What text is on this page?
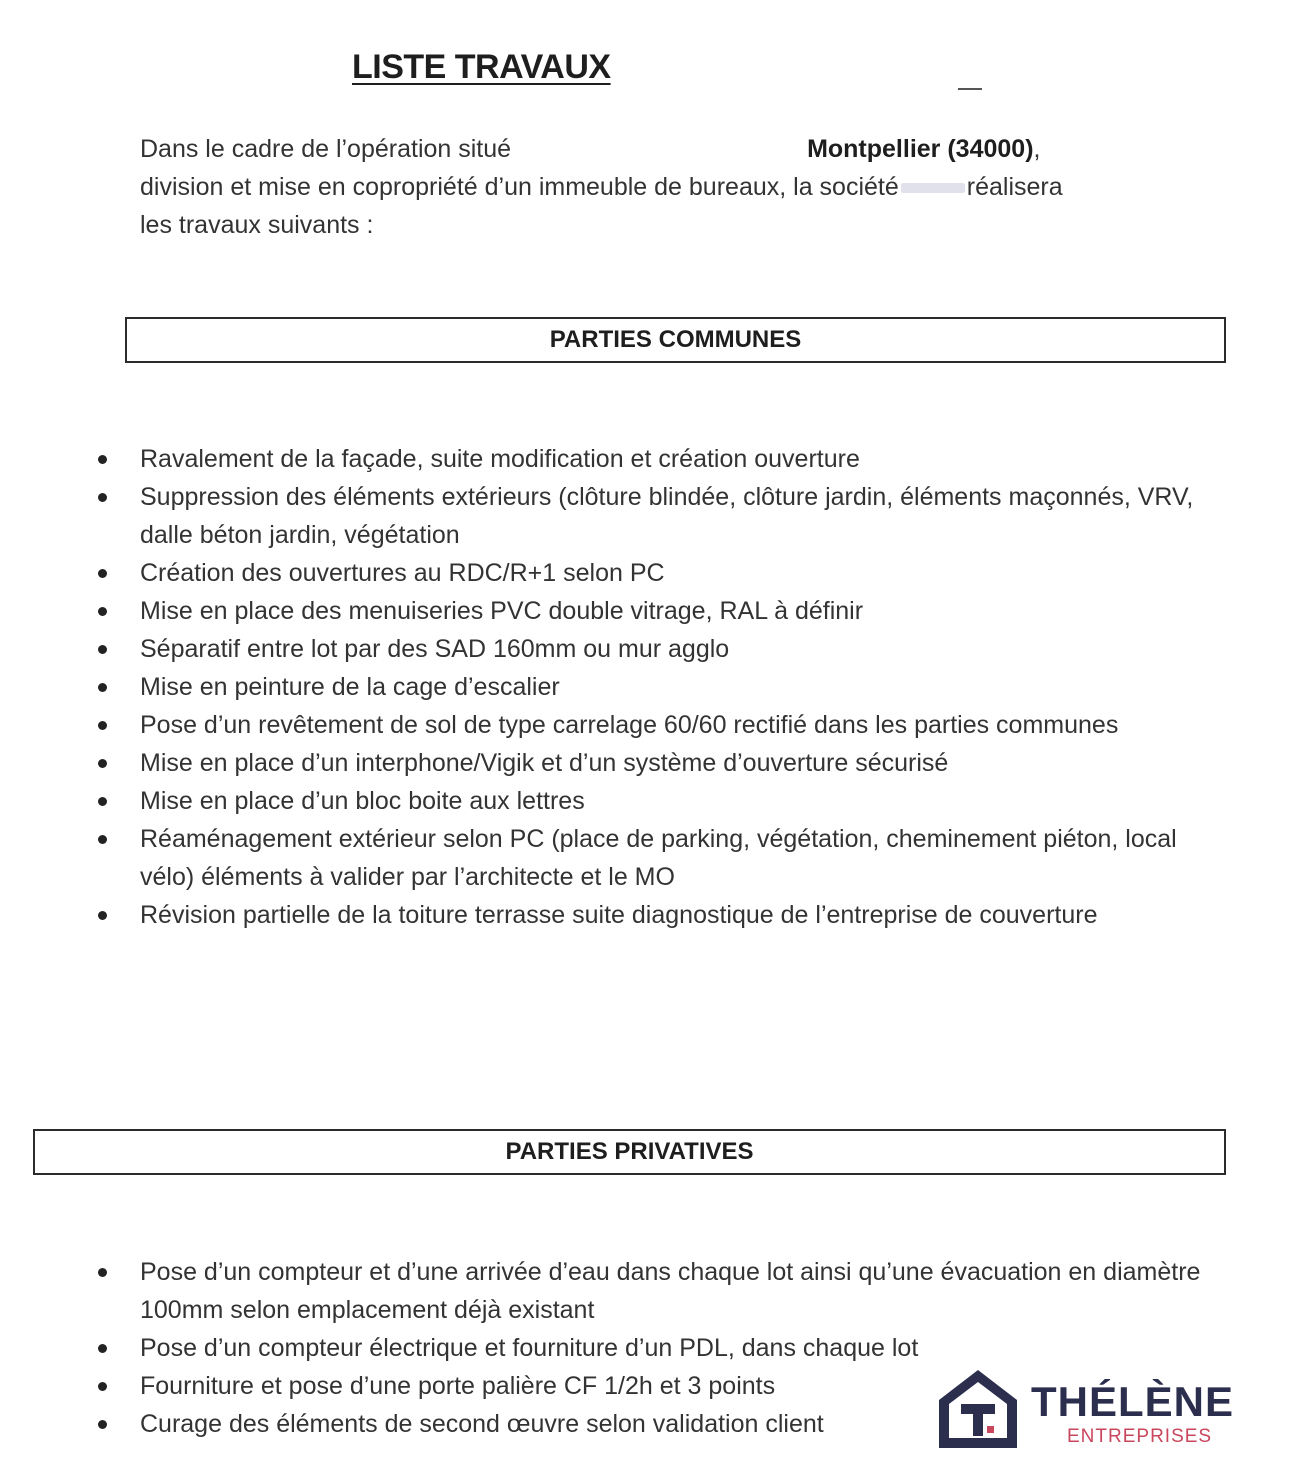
LISTE TRAVAUX
Dans le cadre de l’opération situé	Montpellier (34000),
division et mise en copropriété d’un immeuble de bureaux, la société	réalisera
les travaux suivants :
PARTIES COMMUNES
Ravalement de la façade, suite modification et création ouverture
Suppression des éléments extérieurs (clôture blindée, clôture jardin, éléments maçonnés, VRV, dalle béton jardin, végétation
Création des ouvertures au RDC/R+1 selon PC
Mise en place des menuiseries PVC double vitrage, RAL à définir
Séparatif entre lot par des SAD 160mm ou mur agglo
Mise en peinture de la cage d’escalier
Pose d’un revêtement de sol de type carrelage 60/60 rectifié dans les parties communes
Mise en place d’un interphone/Vigik et d’un système d’ouverture sécurisé
Mise en place d’un bloc boite aux lettres
Réaménagement extérieur selon PC (place de parking, végétation, cheminement piéton, local vélo) éléments à valider par l’architecte et le MO
Révision partielle de la toiture terrasse suite diagnostique de l’entreprise de couverture
PARTIES PRIVATIVES
Pose d’un compteur et d’une arrivée d’eau dans chaque lot ainsi qu’une évacuation en diamètre 100mm selon emplacement déjà existant
Pose d’un compteur électrique et fourniture d’un PDL, dans chaque lot
Fourniture et pose d’une porte palière CF 1/2h et 3 points
Curage des éléments de second œuvre selon validation client	THÉLÈNE
ENTREPRISES
